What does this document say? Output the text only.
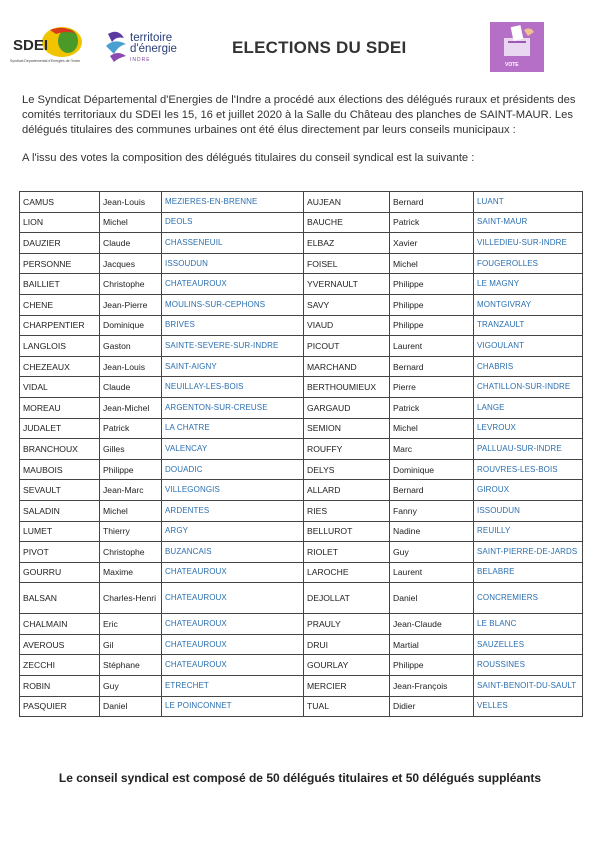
SDEI
Syndicat Départemental d'Energies de l'Indre
territoire
d'énergie
INDRE
ELECTIONS DU SDEI
VOTE

Le Syndicat Départemental d'Energies de l'Indre a procédé aux élections des délégués ruraux et présidents des comités territoriaux du SDEI les 15, 16 et juillet 2020 à la Salle du Château des planches de SAINT-MAUR. Les délégués titulaires des communes urbaines ont été élus directement par leurs conseils municipaux :

A l'issu des votes la composition des délégués titulaires du conseil syndical est la suivante :

CAMUS	Jean-Louis	MEZIERES-EN-BRENNE	AUJEAN	Bernard	LUANT
LION	Michel	DEOLS	BAUCHE	Patrick	SAINT-MAUR
DAUZIER	Claude	CHASSENEUIL	ELBAZ	Xavier	VILLEDIEU-SUR-INDRE
PERSONNE	Jacques	ISSOUDUN	FOISEL	Michel	FOUGEROLLES
BAILLIET	Christophe	CHATEAUROUX	YVERNAULT	Philippe	LE MAGNY
CHENE	Jean-Pierre	MOULINS-SUR-CEPHONS	SAVY	Philippe	MONTGIVRAY
CHARPENTIER	Dominique	BRIVES	VIAUD	Philippe	TRANZAULT
LANGLOIS	Gaston	SAINTE-SEVERE-SUR-INDRE	PICOUT	Laurent	VIGOULANT
CHEZEAUX	Jean-Louis	SAINT-AIGNY	MARCHAND	Bernard	CHABRIS
VIDAL	Claude	NEUILLAY-LES-BOIS	BERTHOUMIEUX	Pierre	CHATILLON-SUR-INDRE
MOREAU	Jean-Michel	ARGENTON-SUR-CREUSE	GARGAUD	Patrick	LANGE
JUDALET	Patrick	LA CHATRE	SEMION	Michel	LEVROUX
BRANCHOUX	Gilles	VALENCAY	ROUFFY	Marc	PALLUAU-SUR-INDRE
MAUBOIS	Philippe	DOUADIC	DELYS	Dominique	ROUVRES-LES-BOIS
SEVAULT	Jean-Marc	VILLEGONGIS	ALLARD	Bernard	GIROUX
SALADIN	Michel	ARDENTES	RIES	Fanny	ISSOUDUN
LUMET	Thierry	ARGY	BELLUROT	Nadine	REUILLY
PIVOT	Christophe	BUZANCAIS	RIOLET	Guy	SAINT-PIERRE-DE-JARDS
GOURRU	Maxime	CHATEAUROUX	LAROCHE	Laurent	BELABRE
BALSAN	Charles-Henri	CHATEAUROUX	DEJOLLAT	Daniel	CONCREMIERS
CHALMAIN	Eric	CHATEAUROUX	PRAULY	Jean-Claude	LE BLANC
AVEROUS	Gil	CHATEAUROUX	DRUI	Martial	SAUZELLES
ZECCHI	Stéphane	CHATEAUROUX	GOURLAY	Philippe	ROUSSINES
ROBIN	Guy	ETRECHET	MERCIER	Jean-François	SAINT-BENOIT-DU-SAULT
PASQUIER	Daniel	LE POINCONNET	TUAL	Didier	VELLES
Le conseil syndical est composé de 50 délégués titulaires et 50 délégués suppléants
